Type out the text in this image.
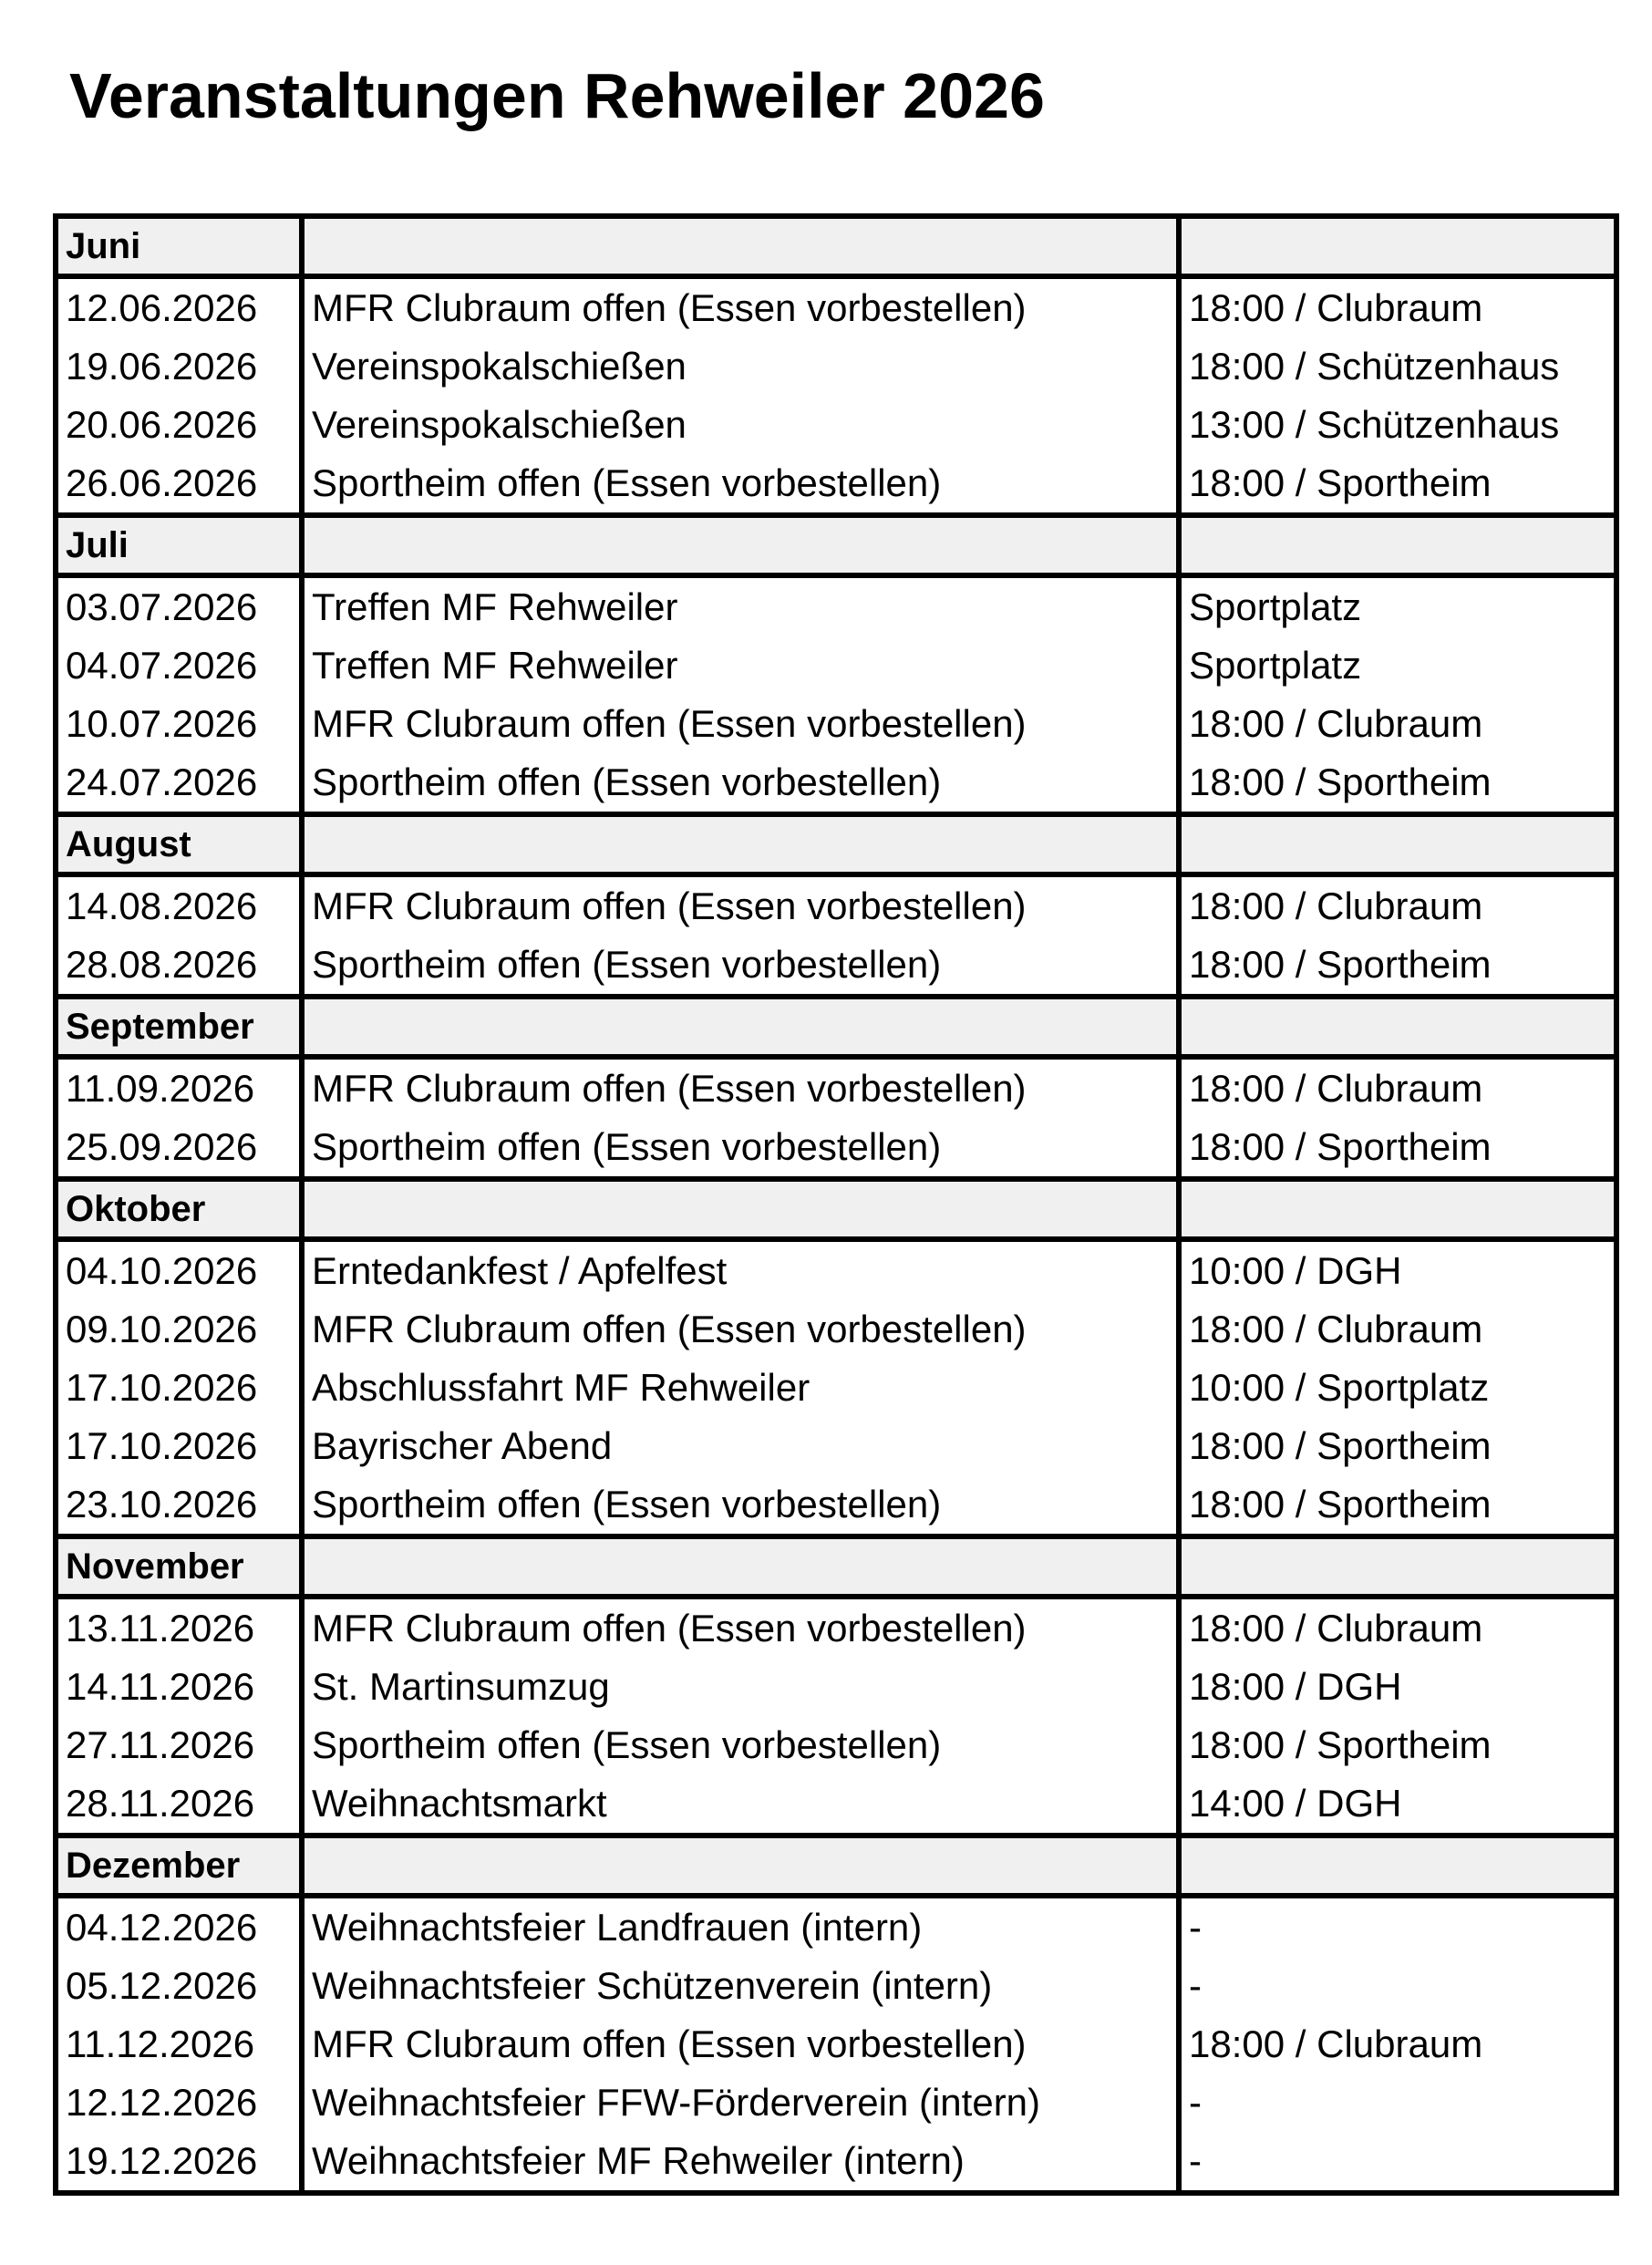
Veranstaltungen Rehweiler 2026
Juni		
12.06.2026	MFR Clubraum offen (Essen vorbestellen)	18:00 / Clubraum
19.06.2026	Vereinspokalschießen	18:00 / Schützenhaus
20.06.2026	Vereinspokalschießen	13:00 / Schützenhaus
26.06.2026	Sportheim offen (Essen vorbestellen)	18:00 / Sportheim
Juli		
03.07.2026	Treffen MF Rehweiler	Sportplatz
04.07.2026	Treffen MF Rehweiler	Sportplatz
10.07.2026	MFR Clubraum offen (Essen vorbestellen)	18:00 / Clubraum
24.07.2026	Sportheim offen (Essen vorbestellen)	18:00 / Sportheim
August		
14.08.2026	MFR Clubraum offen (Essen vorbestellen)	18:00 / Clubraum
28.08.2026	Sportheim offen (Essen vorbestellen)	18:00 / Sportheim
September		
11.09.2026	MFR Clubraum offen (Essen vorbestellen)	18:00 / Clubraum
25.09.2026	Sportheim offen (Essen vorbestellen)	18:00 / Sportheim
Oktober		
04.10.2026	Erntedankfest / Apfelfest	10:00 / DGH
09.10.2026	MFR Clubraum offen (Essen vorbestellen)	18:00 / Clubraum
17.10.2026	Abschlussfahrt MF Rehweiler	10:00 / Sportplatz
17.10.2026	Bayrischer Abend	18:00 / Sportheim
23.10.2026	Sportheim offen (Essen vorbestellen)	18:00 / Sportheim
November		
13.11.2026	MFR Clubraum offen (Essen vorbestellen)	18:00 / Clubraum
14.11.2026	St. Martinsumzug	18:00 / DGH
27.11.2026	Sportheim offen (Essen vorbestellen)	18:00 / Sportheim
28.11.2026	Weihnachtsmarkt	14:00 / DGH
Dezember		
04.12.2026	Weihnachtsfeier Landfrauen (intern)	-
05.12.2026	Weihnachtsfeier Schützenverein (intern)	-
11.12.2026	MFR Clubraum offen (Essen vorbestellen)	18:00 / Clubraum
12.12.2026	Weihnachtsfeier FFW-Förderverein (intern)	-
19.12.2026	Weihnachtsfeier MF Rehweiler (intern)	-
